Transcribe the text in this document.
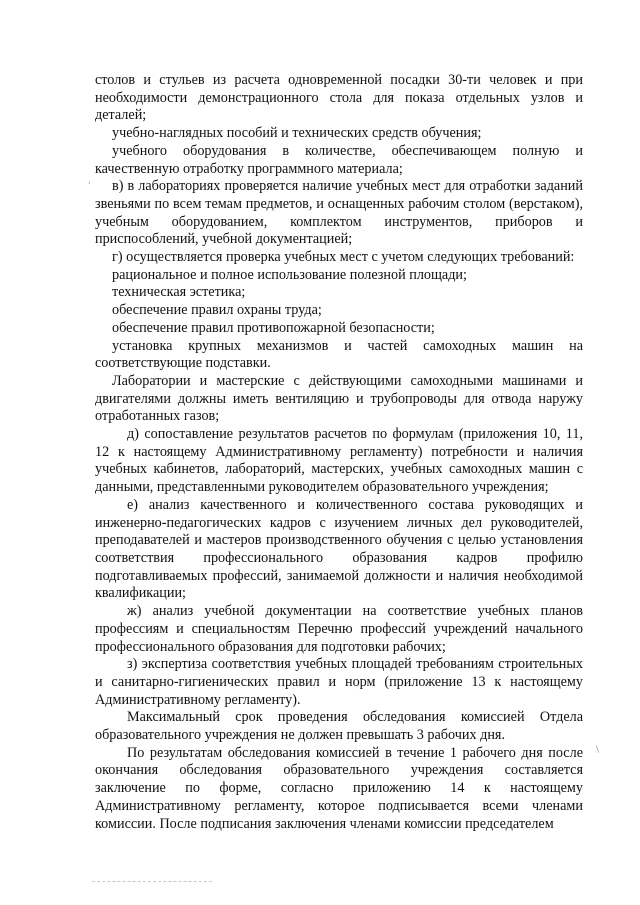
столов и стульев из расчета одновременной посадки 30-ти человек и при необходимости демонстрационного стола для показа отдельных узлов и деталей;

учебно-наглядных пособий и технических средств обучения;

учебного оборудования в количестве, обеспечивающем полную и качественную отработку программного материала;

в) в лабораториях проверяется наличие учебных мест для отработки заданий звеньями по всем темам предметов, и оснащенных рабочим столом (верстаком), учебным оборудованием, комплектом инструментов, приборов и приспособлений, учебной документацией;

г) осуществляется проверка учебных мест с учетом следующих требований:

рациональное и полное использование полезной площади;

техническая эстетика;

обеспечение правил охраны труда;

обеспечение правил противопожарной безопасности;

установка крупных механизмов и частей самоходных машин на соответствующие подставки.

Лаборатории и мастерские с действующими самоходными машинами и двигателями должны иметь вентиляцию и трубопроводы для отвода наружу отработанных газов;

д) сопоставление результатов расчетов по формулам (приложения 10, 11, 12 к настоящему Административному регламенту) потребности и наличия учебных кабинетов, лабораторий, мастерских, учебных самоходных машин с данными, представленными руководителем образовательного учреждения;

е) анализ качественного и количественного состава руководящих и инженерно-педагогических кадров с изучением личных дел руководителей, преподавателей и мастеров производственного обучения с целью установления соответствия профессионального образования кадров профилю подготавливаемых профессий, занимаемой должности и наличия необходимой квалификации;

ж) анализ учебной документации на соответствие учебных планов профессиям и специальностям Перечню профессий учреждений начального профессионального образования для подготовки рабочих;

з) экспертиза соответствия учебных площадей требованиям строительных и санитарно-гигиенических правил и норм (приложение 13 к настоящему Административному регламенту).

Максимальный срок проведения обследования комиссией Отдела образовательного учреждения не должен превышать 3 рабочих дня.

По результатам обследования комиссией в течение 1 рабочего дня после окончания обследования образовательного учреждения составляется заключение по форме, согласно приложению 14 к настоящему Административному регламенту, которое подписывается всеми членами комиссии. После подписания заключения членами комиссии председателем

'
\
